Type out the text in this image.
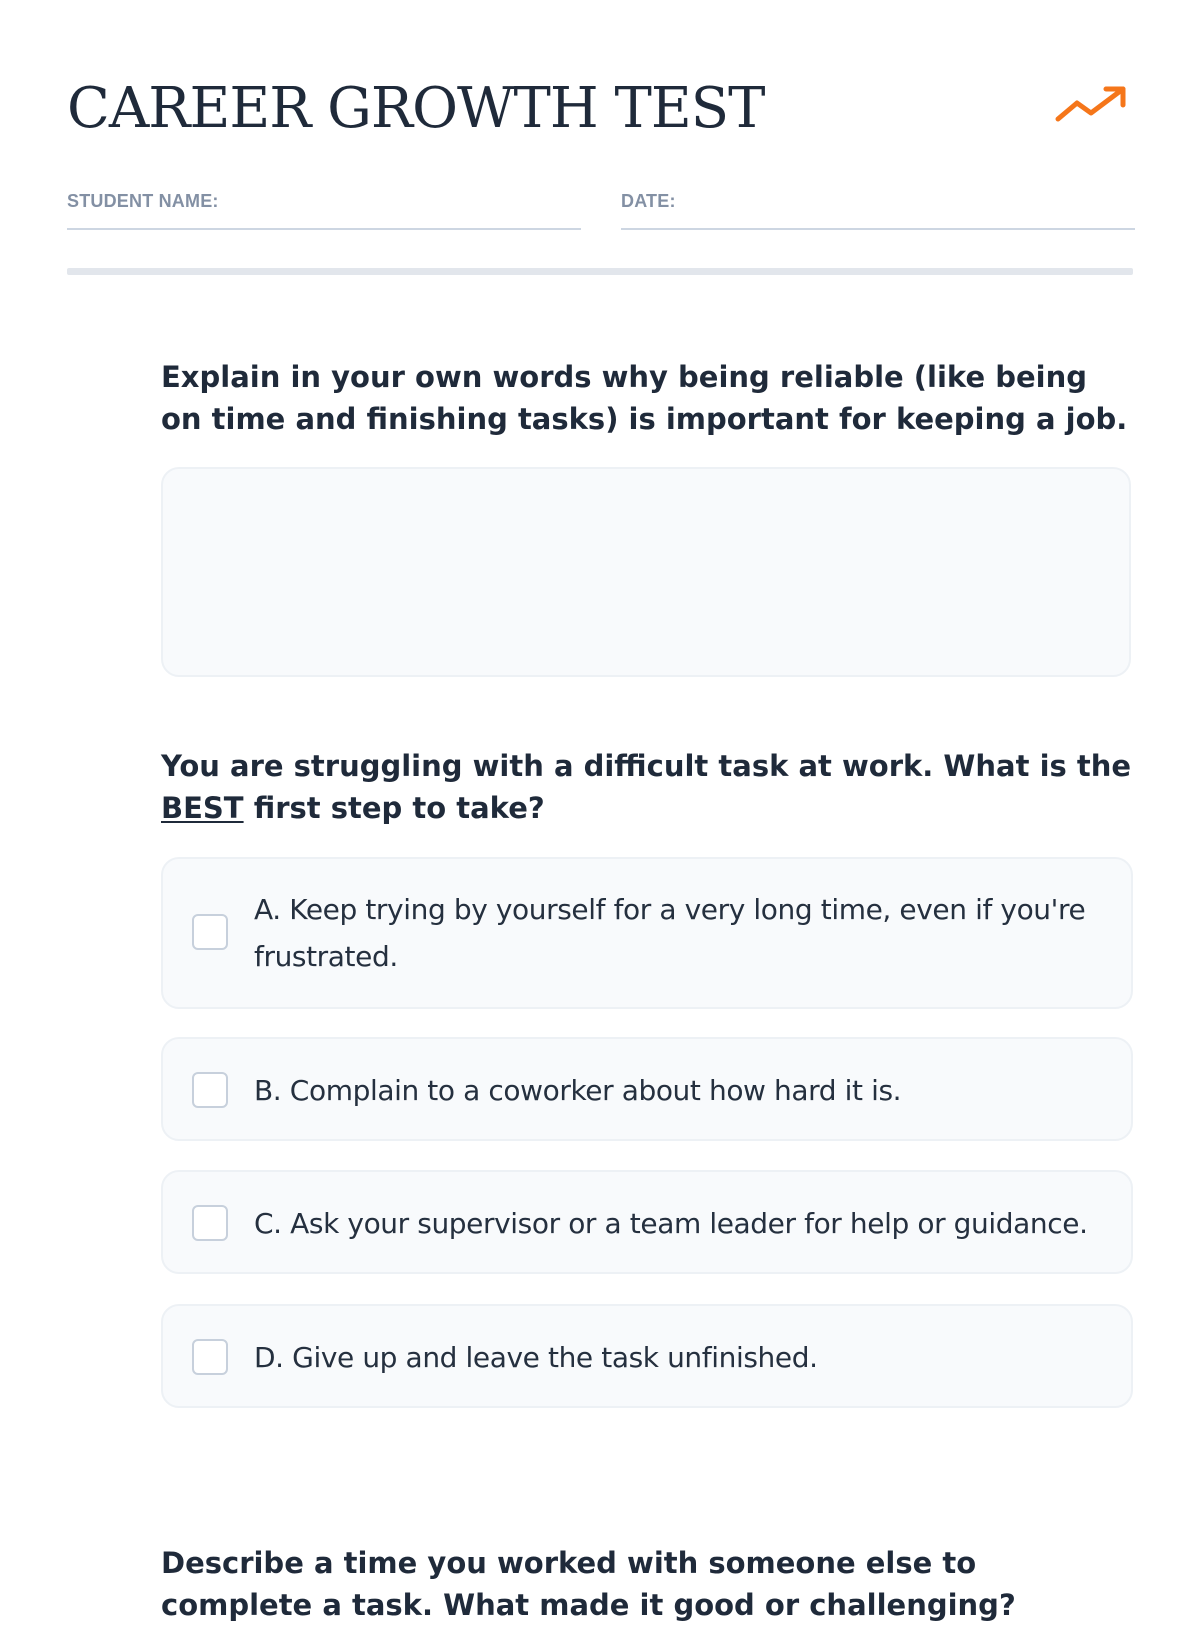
CAREER GROWTH TEST
STUDENT NAME:	DATE:

Explain in your own words why being reliable (like being on time and finishing tasks) is important for keeping a job.

You are struggling with a difficult task at work. What is the BEST first step to take?

A. Keep trying by yourself for a very long time, even if you're frustrated.

B. Complain to a coworker about how hard it is.

C. Ask your supervisor or a team leader for help or guidance.

D. Give up and leave the task unfinished.

Describe a time you worked with someone else to complete a task. What made it good or challenging?
